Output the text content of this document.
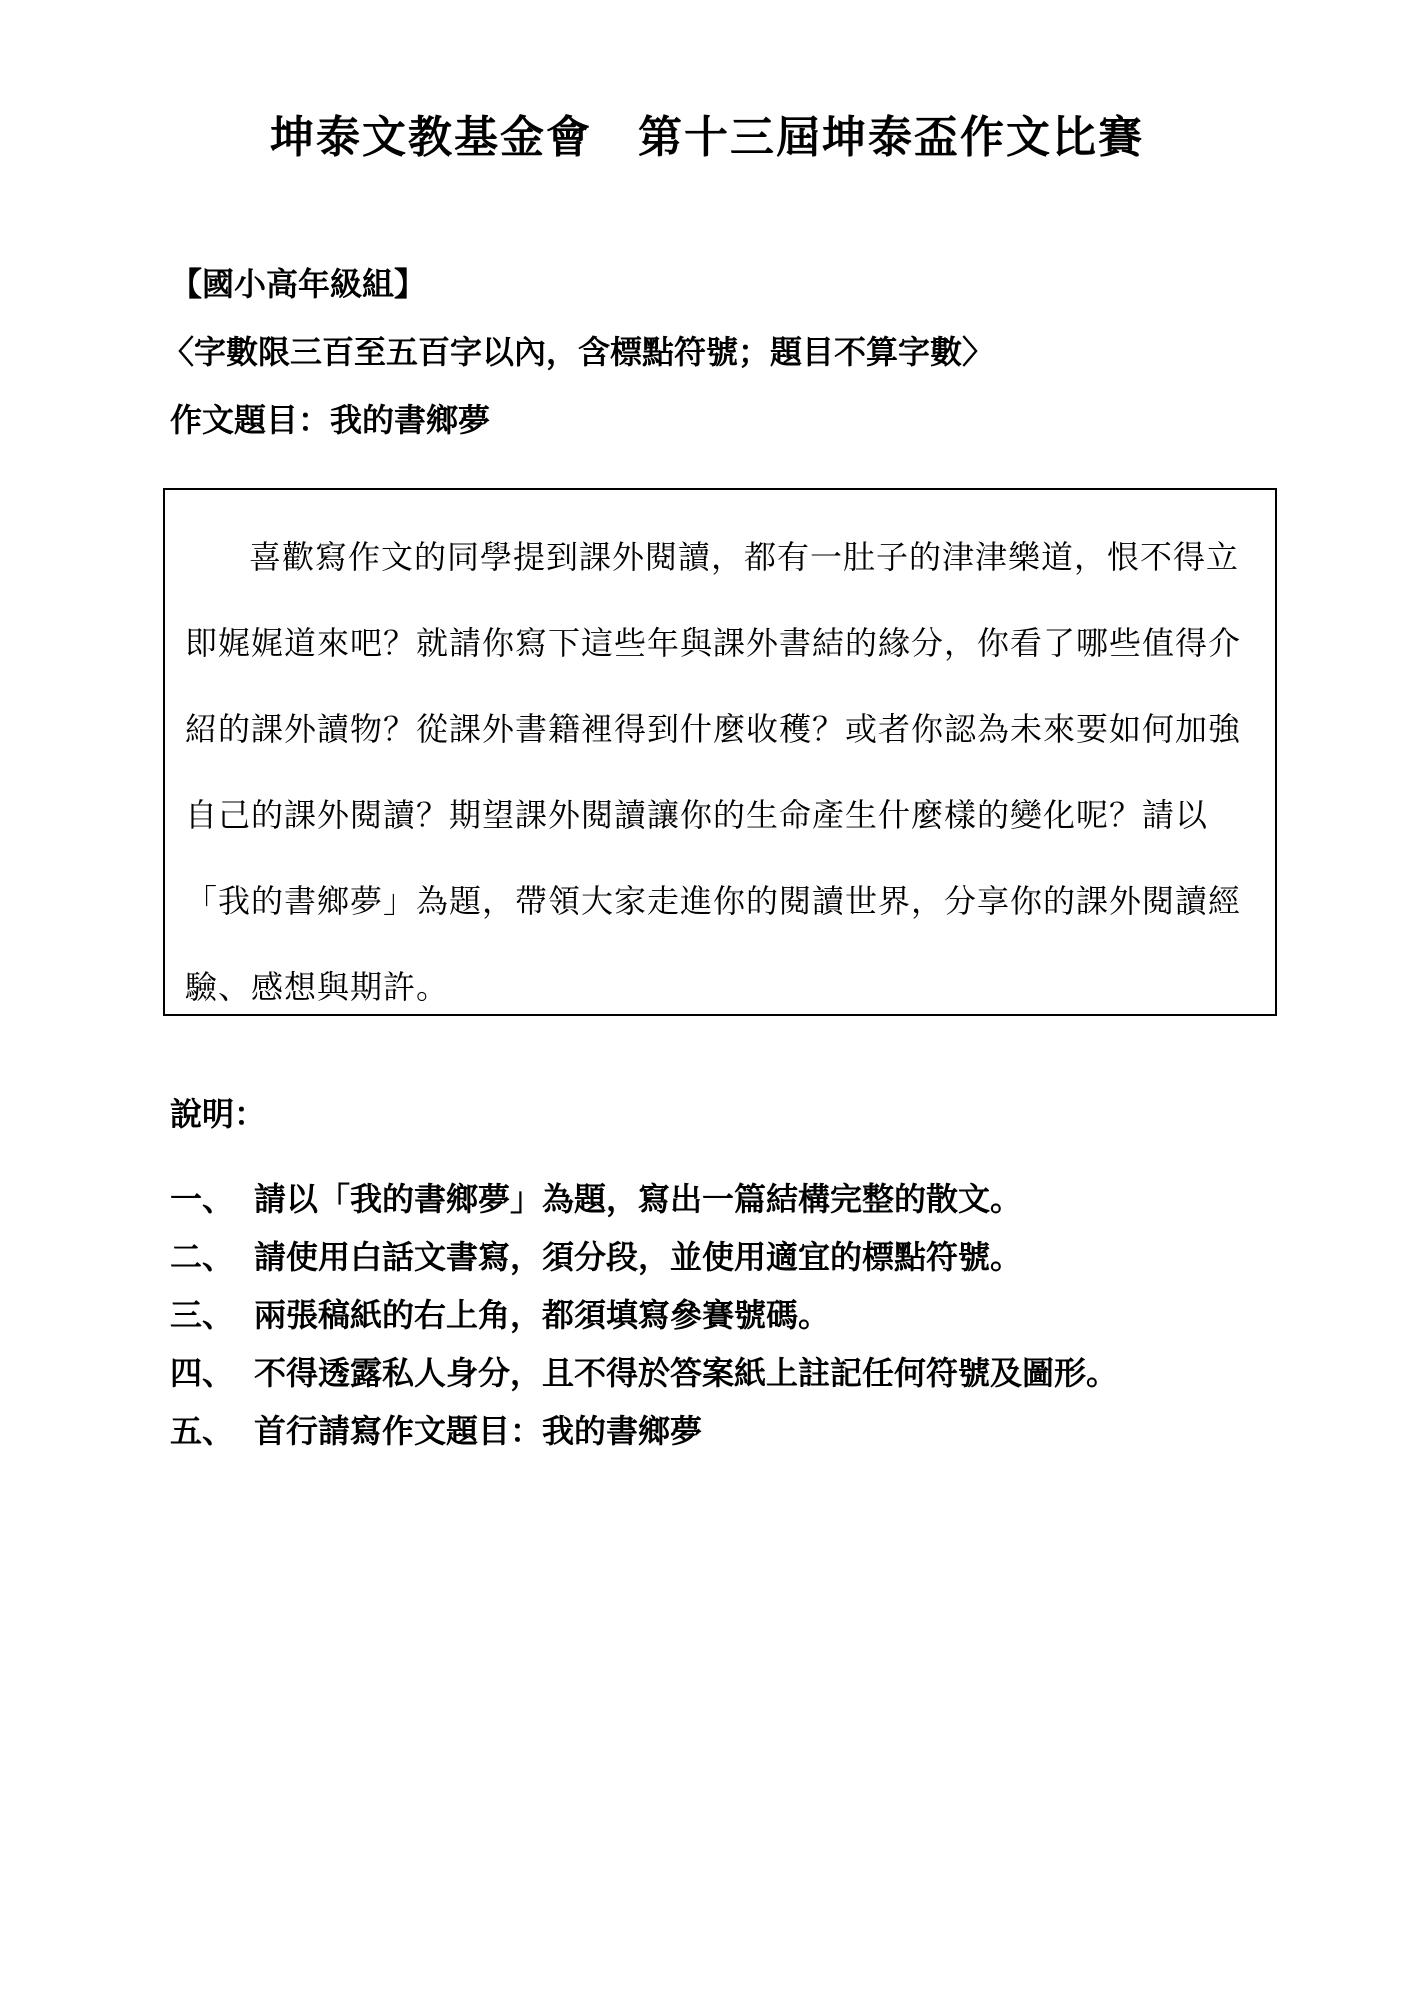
坤泰文教基金會　第十三屆坤泰盃作文比賽
【國小高年級組】
〈字數限三百至五百字以內，含標點符號；題目不算字數〉
作文題目：我的書鄉夢

喜歡寫作文的同學提到課外閱讀，都有一肚子的津津樂道，恨不得立即娓娓道來吧？就請你寫下這些年與課外書結的緣分，你看了哪些值得介紹的課外讀物？從課外書籍裡得到什麼收穫？或者你認為未來要如何加強自己的課外閱讀？期望課外閱讀讓你的生命產生什麼樣的變化呢？請以「我的書鄉夢」為題，帶領大家走進你的閱讀世界，分享你的課外閱讀經驗、感想與期許。

說明：
一、 請以「我的書鄉夢」為題，寫出一篇結構完整的散文。
二、 請使用白話文書寫，須分段，並使用適宜的標點符號。
三、 兩張稿紙的右上角，都須填寫參賽號碼。
四、 不得透露私人身分，且不得於答案紙上註記任何符號及圖形。
五、 首行請寫作文題目：我的書鄉夢
